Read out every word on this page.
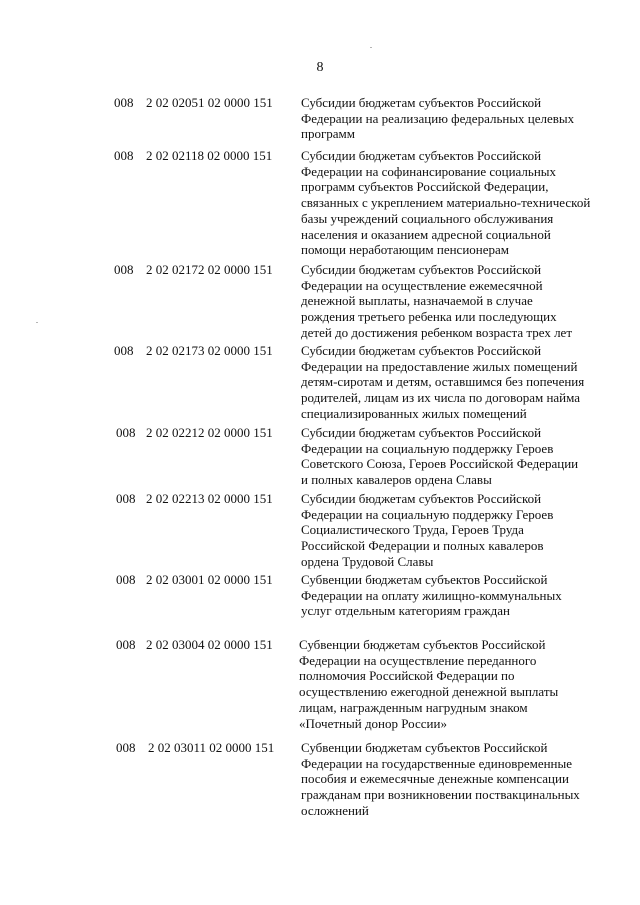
8
008 2 02 02051 02 0000 151 Субсидии бюджетам субъектов Российской
Федерации на реализацию федеральных целевых
программ
008 2 02 02118 02 0000 151 Субсидии бюджетам субъектов Российской
Федерации на софинансирование социальных
программ субъектов Российской Федерации,
связанных с укреплением материально-технической
базы учреждений социального обслуживания
населения и оказанием адресной социальной
помощи неработающим пенсионерам
008 2 02 02172 02 0000 151 Субсидии бюджетам субъектов Российской
Федерации на осуществление ежемесячной
денежной выплаты, назначаемой в случае
рождения третьего ребенка или последующих
детей до достижения ребенком возраста трех лет
008 2 02 02173 02 0000 151 Субсидии бюджетам субъектов Российской
Федерации на предоставление жилых помещений
детям-сиротам и детям, оставшимся без попечения
родителей, лицам из их числа по договорам найма
специализированных жилых помещений
008 2 02 02212 02 0000 151 Субсидии бюджетам субъектов Российской
Федерации на социальную поддержку Героев
Советского Союза, Героев Российской Федерации
и полных кавалеров ордена Славы
008 2 02 02213 02 0000 151 Субсидии бюджетам субъектов Российской
Федерации на социальную поддержку Героев
Социалистического Труда, Героев Труда
Российской Федерации и полных кавалеров
ордена Трудовой Славы
008 2 02 03001 02 0000 151 Субвенции бюджетам субъектов Российской
Федерации на оплату жилищно-коммунальных
услуг отдельным категориям граждан
008 2 02 03004 02 0000 151 Субвенции бюджетам субъектов Российской
Федерации на осуществление переданного
полномочия Российской Федерации по
осуществлению ежегодной денежной выплаты
лицам, награжденным нагрудным знаком
«Почетный донор России»
008 2 02 03011 02 0000 151 Субвенции бюджетам субъектов Российской
Федерации на государственные единовременные
пособия и ежемесячные денежные компенсации
гражданам при возникновении поствакцинальных
осложнений
